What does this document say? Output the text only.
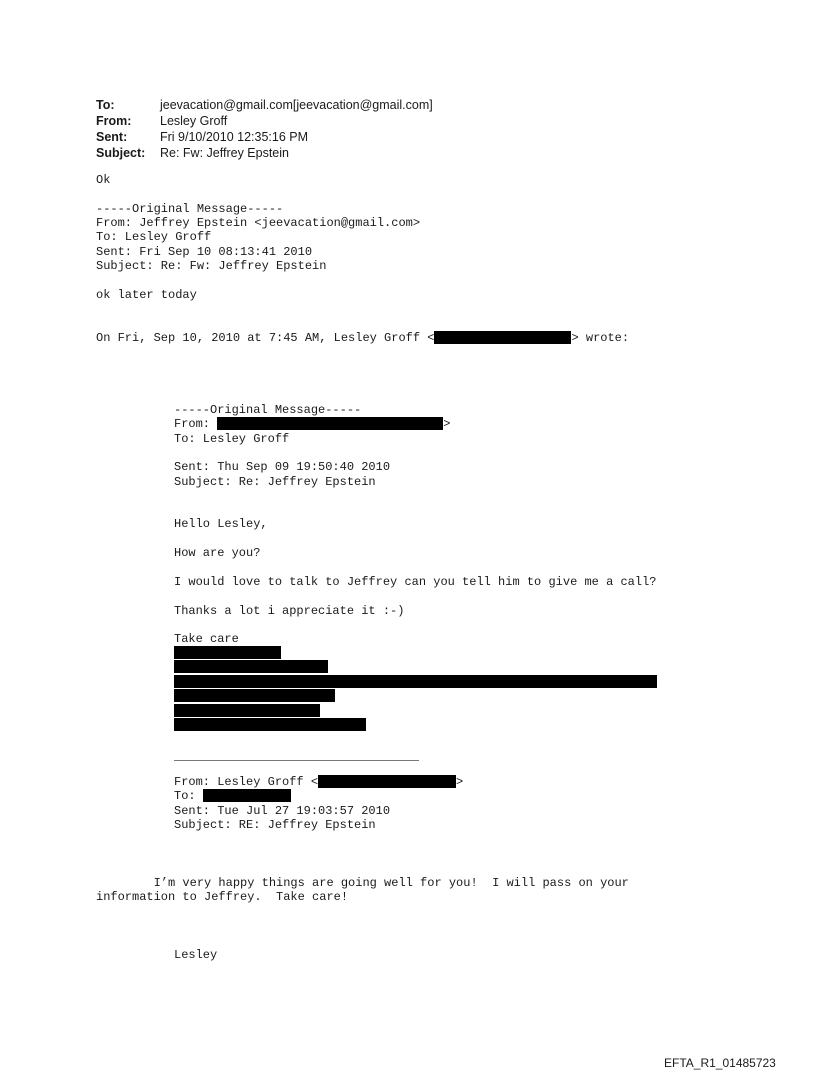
To:	jeevacation@gmail.com[jeevacation@gmail.com]
From: Lesley Groff
Sent:	Fri 9/10/2010 12:35:16 PM
Subject: Re: Fw: Jeffrey Epstein
Ok
-----Original Message-----
From: Jeffrey Epstein <jeevacation@gmail.com>
To: Lesley Groff
Sent: Fri Sep 10 08:13:41 2010
Subject: Re: Fw: Jeffrey Epstein
ok later today
On Fri, Sep 10, 2010 at 7:45 AM, Lesley Groff <	> wrote:
-----Original Message-----
From:	>
To: Lesley Groff
Sent: Thu Sep 09 19:50:40 2010
Subject: Re: Jeffrey Epstein
Hello Lesley,
How are you?
I would love to talk to Jeffrey can you tell him to give me a call?
Thanks a lot i appreciate it :-)
Take care
From: Lesley Groff <	>
To:
Sent: Tue Jul 27 19:03:57 2010
Subject: RE: Jeffrey Epstein
I’m very happy things are going well for you!  I will pass on your
information to Jeffrey.  Take care!
Lesley
EFTA_R1_01485723
